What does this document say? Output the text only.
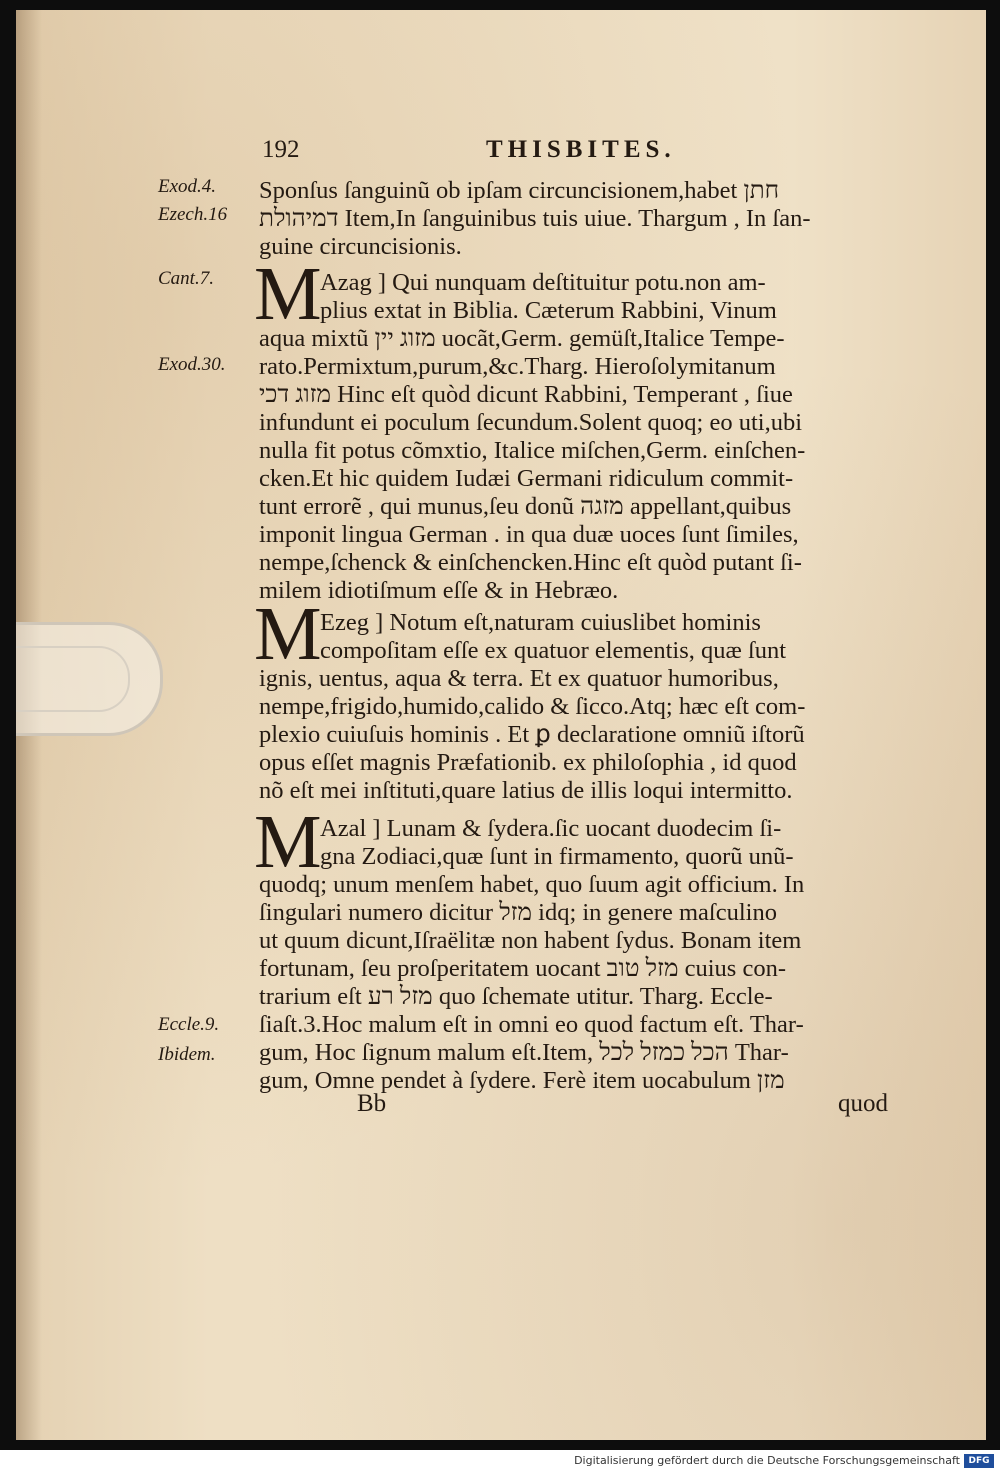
192	THISBITES.
Exod.4.
Ezech.16
Cant.7.
Exod.30.
Eccle.9.
Ibidem.
M
M
M
Sponſus ſanguinũ ob ipſam circuncisionem,habet חתן
דמיהולת Item,In ſanguinibus tuis uiue. Thargum , In ſan-
guine circuncisionis.
Azag ] Qui nunquam deſtituitur potu.non am-
plius extat in Biblia. Cæterum Rabbini, Vinum
aqua mixtũ מזוג יין uocãt,Germ. gemüſt,Italice Tempe-
rato.Permixtum,purum,&c.Tharg. Hieroſolymitanum
מזוג דכי Hinc eſt quòd dicunt Rabbini, Temperant , ſiue
infundunt ei poculum ſecundum.Solent quoq; eo uti,ubi
nulla fit potus cõmxtio, Italice miſchen,Germ. einſchen-
cken.Et hic quidem Iudæi Germani ridiculum commit-
tunt errorẽ , qui munus,ſeu donũ מזגה appellant,quibus
imponit lingua German . in qua duæ uoces ſunt ſimiles,
nempe,ſchenck & einſchencken.Hinc eſt quòd putant ſi-
milem idiotiſmum eſſe & in Hebræo.
Ezeg ] Notum eſt,naturam cuiuslibet hominis
compoſitam eſſe ex quatuor elementis, quæ ſunt
ignis, uentus, aqua & terra. Et ex quatuor humoribus,
nempe,frigido,humido,calido & ſicco.Atq; hæc eſt com-
plexio cuiuſuis hominis . Et ꝑ declaratione omniũ iſtorũ
opus eſſet magnis Præfationib. ex philoſophia , id quod
nõ eſt mei inſtituti,quare latius de illis loqui intermitto.
Azal ] Lunam & ſydera.ſic uocant duodecim ſi-
gna Zodiaci,quæ ſunt in firmamento, quorũ unũ-
quodq; unum menſem habet, quo ſuum agit officium. In
ſingulari numero dicitur מזל idq; in genere maſculino
ut quum dicunt,Iſraëlitæ non habent ſydus. Bonam item
fortunam, ſeu proſperitatem uocant מזל טוב cuius con-
trarium eſt מזל רע quo ſchemate utitur. Tharg. Eccle-
ſiaſt.3.Hoc malum eſt in omni eo quod factum eſt. Thar-
gum, Hoc ſignum malum eſt.Item, הכל כמזל לכל Thar-
gum, Omne pendet à ſydere. Ferè item uocabulum מזן
Bb	quod
Digitalisierung gefördert durch die Deutsche Forschungsgemeinschaft DFG
